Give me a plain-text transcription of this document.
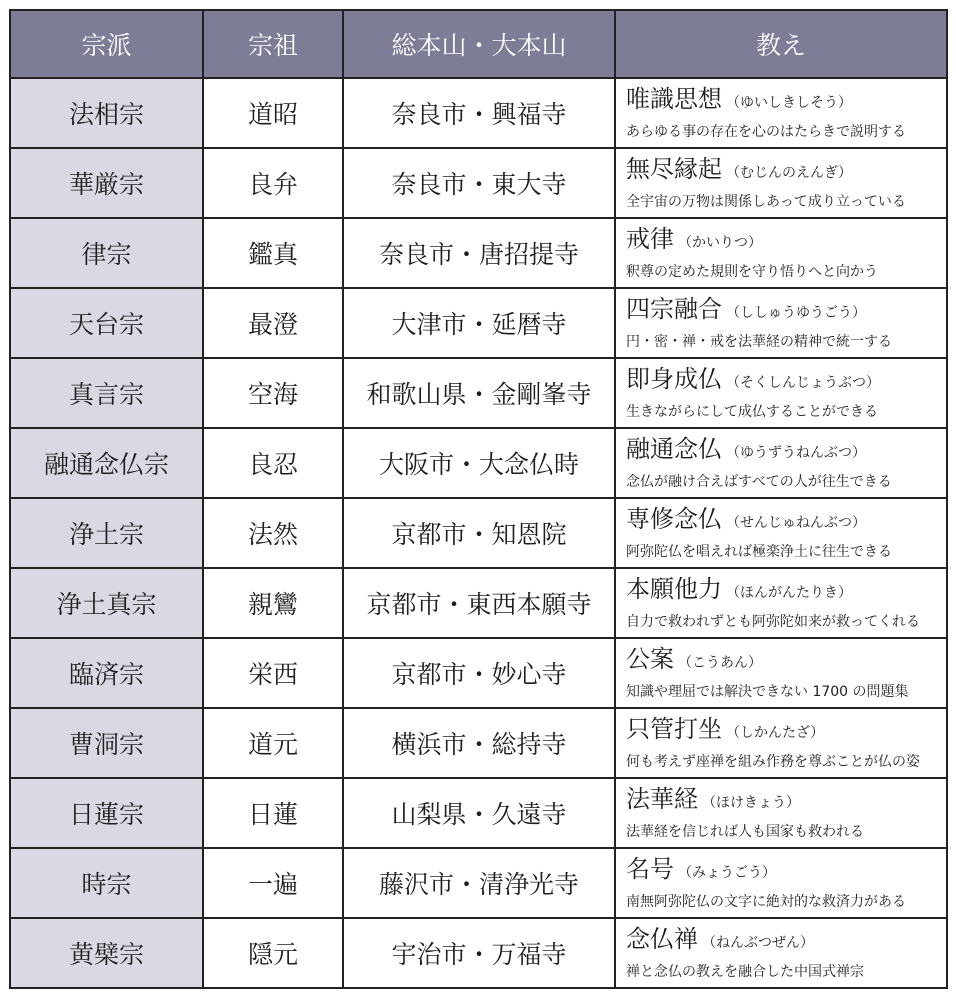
宗派	宗祖	総本山・大本山	教え
法相宗	道昭	奈良市・興福寺	唯識思想 （ゆいしきしそう）
あらゆる事の存在を心のはたらきで説明する

華厳宗	良弁	奈良市・東大寺	無尽縁起 （むじんのえんぎ）
全宇宙の万物は関係しあって成り立っている

律宗	鑑真	奈良市・唐招提寺	戒律 （かいりつ）
釈尊の定めた規則を守り悟りへと向かう

天台宗	最澄	大津市・延暦寺	四宗融合 （ししゅうゆうごう）
円・密・禅・戒を法華経の精神で統一する

真言宗	空海	和歌山県・金剛峯寺	即身成仏 （そくしんじょうぶつ）
生きながらにして成仏することができる

融通念仏宗	良忍	大阪市・大念仏時	融通念仏 （ゆうずうねんぶつ）
念仏が融け合えばすべての人が往生できる

浄土宗	法然	京都市・知恩院	専修念仏 （せんじゅねんぶつ）
阿弥陀仏を唱えれば極楽浄土に往生できる

浄土真宗	親鸞	京都市・東西本願寺	本願他力 （ほんがんたりき）
自力で救われずとも阿弥陀如来が救ってくれる

臨済宗	栄西	京都市・妙心寺	公案 （こうあん）
知識や理屈では解決できない 1700 の問題集

曹洞宗	道元	横浜市・総持寺	只管打坐 （しかんたざ）
何も考えず座禅を組み作務を尊ぶことが仏の姿

日蓮宗	日蓮	山梨県・久遠寺	法華経 （ほけきょう）
法華経を信じれば人も国家も救われる

時宗	一遍	藤沢市・清浄光寺	名号 （みょうごう）
南無阿弥陀仏の文字に絶対的な救済力がある

黄檗宗	隠元	宇治市・万福寺	念仏禅 （ねんぶつぜん）
禅と念仏の教えを融合した中国式禅宗
